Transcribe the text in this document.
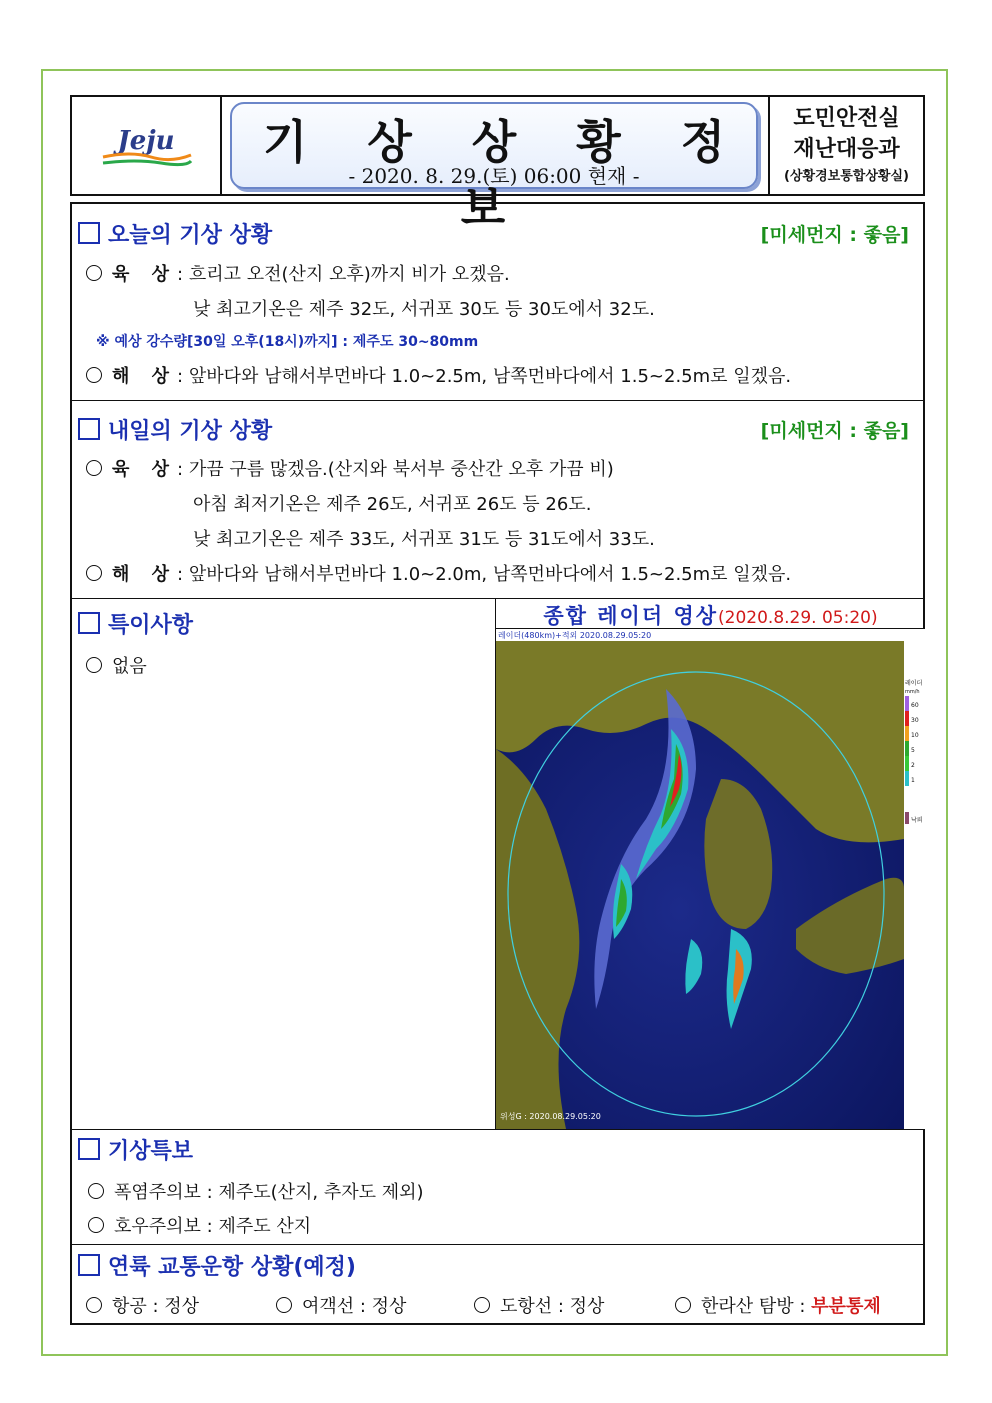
Jeju	기 상 상 황 정 보
- 2020. 8. 29.(토) 06:00 현재 -
도민안전실
재난대응과
(상황경보통합상황실)
오늘의 기상 상황	[미세먼지 : 좋음]
육 상: 흐리고 오전(산지 오후)까지 비가 오겠음.
낮 최고기온은 제주 32도, 서귀포 30도 등 30도에서 32도.
※ 예상 강수량[30일 오후(18시)까지] : 제주도 30~80mm
해 상: 앞바다와 남해서부먼바다 1.0~2.5m, 남쪽먼바다에서 1.5~2.5m로 일겠음.
내일의 기상 상황	[미세먼지 : 좋음]
육 상: 가끔 구름 많겠음.(산지와 북서부 중산간 오후 가끔 비)
아침 최저기온은 제주 26도, 서귀포 26도 등 26도.
낮 최고기온은 제주 33도, 서귀포 31도 등 31도에서 33도.
해 상: 앞바다와 남해서부먼바다 1.0~2.0m, 남쪽먼바다에서 1.5~2.5m로 일겠음.
특이사항
없음
종합 레이더 영상(2020.8.29. 05:20)
레이더(480km)+적외 2020.08.29.05:20
위성G : 2020.08.29.05:20
레이더
mm/h
60
30
10
5
2
1
낙뢰
기상특보
폭염주의보 : 제주도(산지, 추자도 제외)
호우주의보 : 제주도 산지
연륙 교통운항 상황(예정)
항공 : 정상	여객선 : 정상	도항선 : 정상	한라산 탐방 : 부분통제
